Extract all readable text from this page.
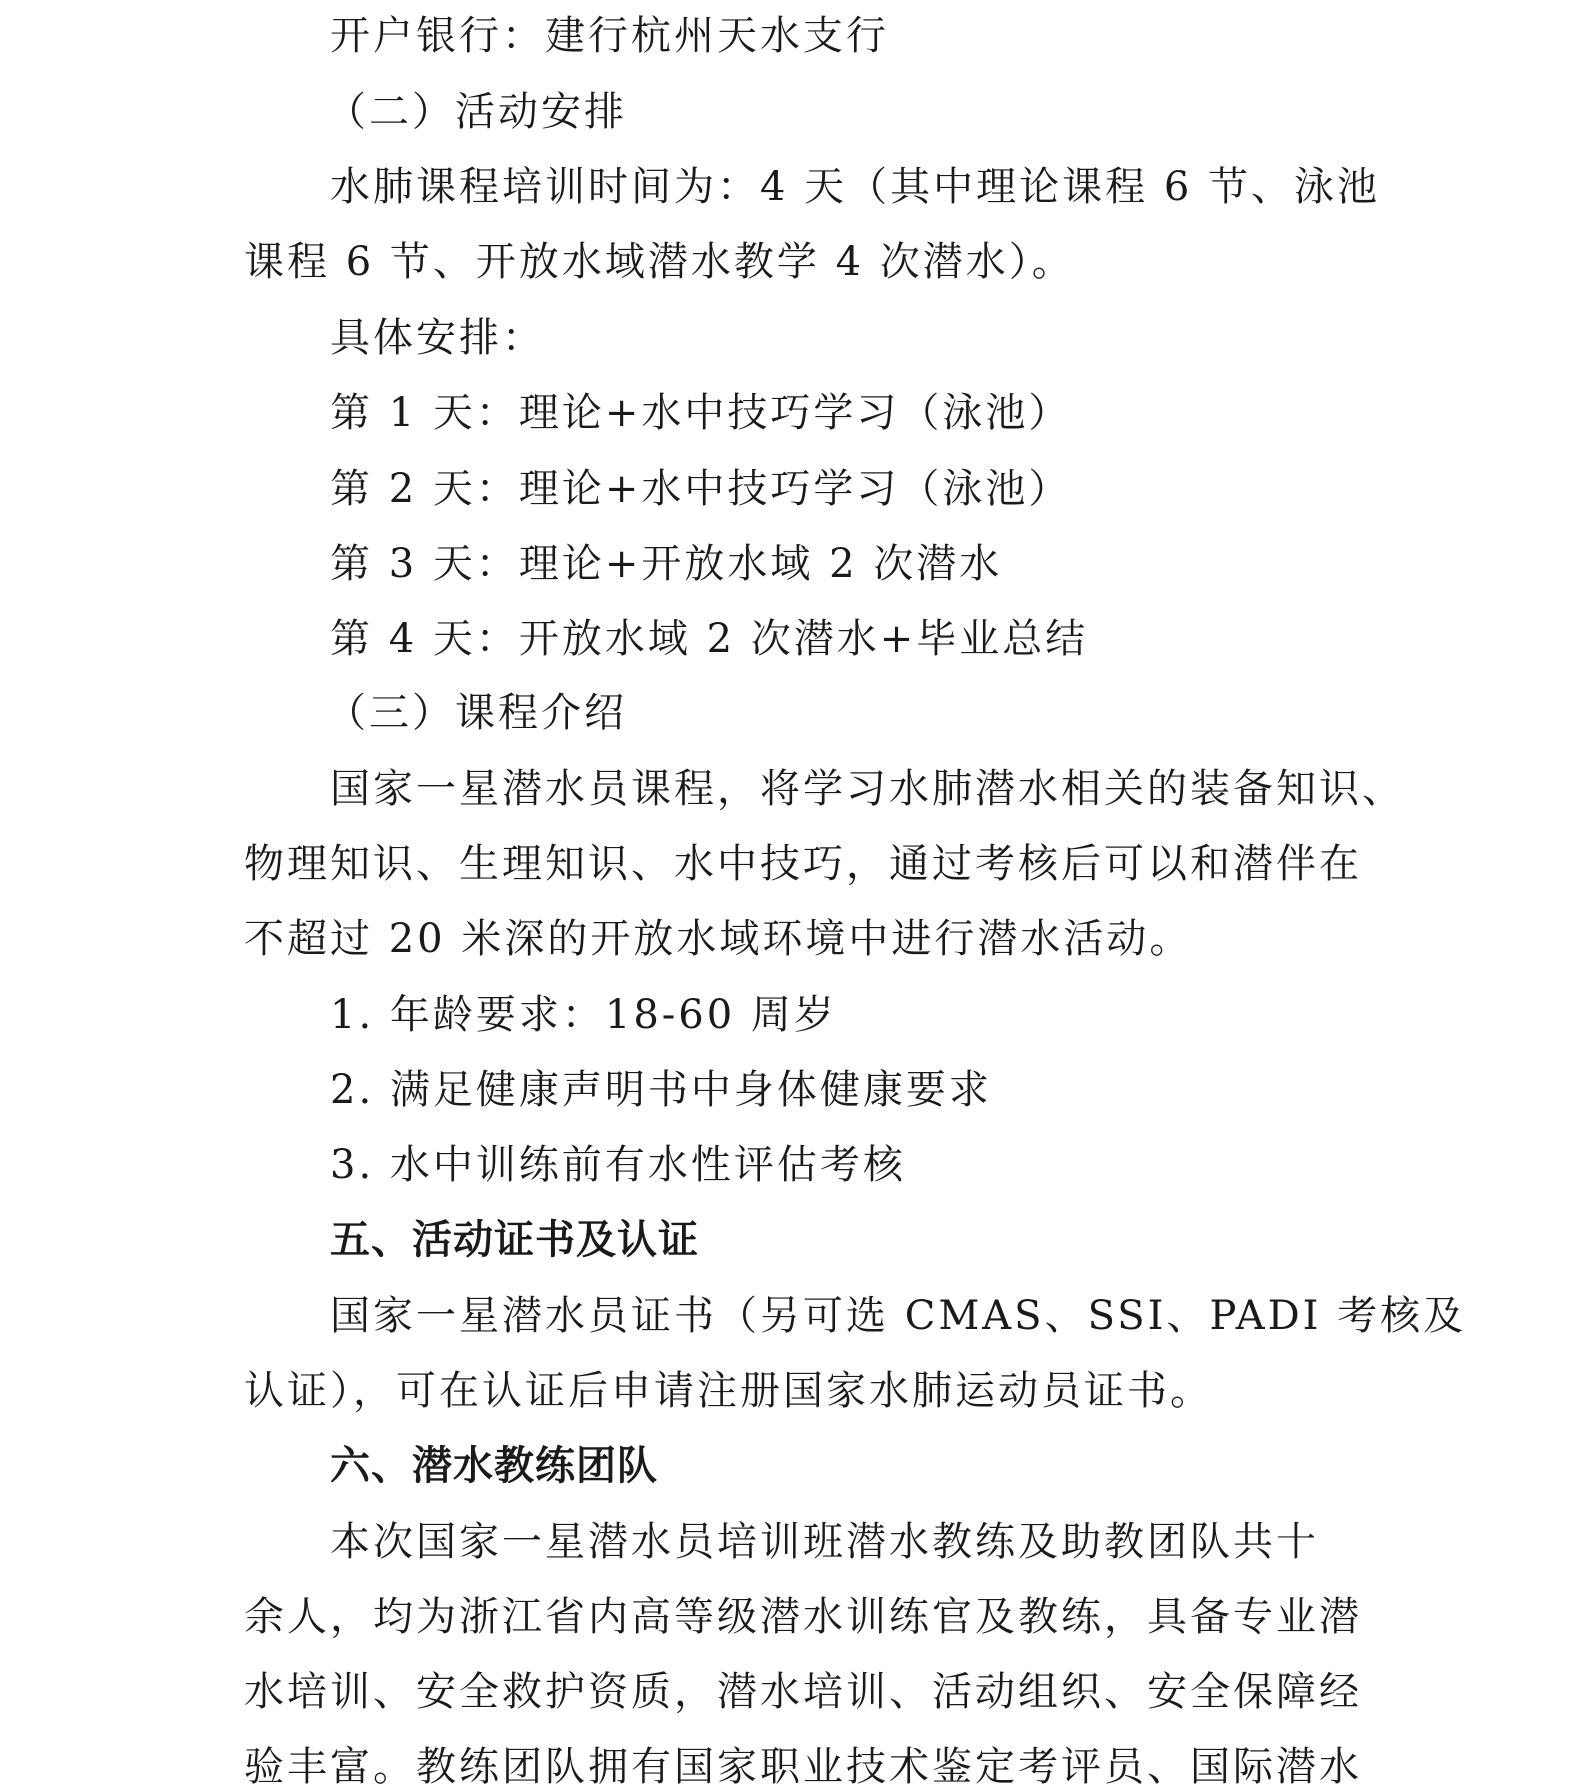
开户银行：建行杭州天水支行
（二）活动安排
水肺课程培训时间为：4 天（其中理论课程 6 节、泳池
课程 6 节、开放水域潜水教学 4 次潜水）。
具体安排：
第 1 天：理论+水中技巧学习（泳池）
第 2 天：理论+水中技巧学习（泳池）
第 3 天：理论+开放水域 2 次潜水
第 4 天：开放水域 2 次潜水+毕业总结
（三）课程介绍
国家一星潜水员课程，将学习水肺潜水相关的装备知识、
物理知识、生理知识、水中技巧，通过考核后可以和潜伴在
不超过 20 米深的开放水域环境中进行潜水活动。
1. 年龄要求：18-60 周岁
2. 满足健康声明书中身体健康要求
3. 水中训练前有水性评估考核
五、活动证书及认证
国家一星潜水员证书（另可选 CMAS、SSI、PADI 考核及
认证），可在认证后申请注册国家水肺运动员证书。
六、潜水教练团队
本次国家一星潜水员培训班潜水教练及助教团队共十
余人，均为浙江省内高等级潜水训练官及教练，具备专业潜
水培训、安全救护资质，潜水培训、活动组织、安全保障经
验丰富。教练团队拥有国家职业技术鉴定考评员、国际潜水
